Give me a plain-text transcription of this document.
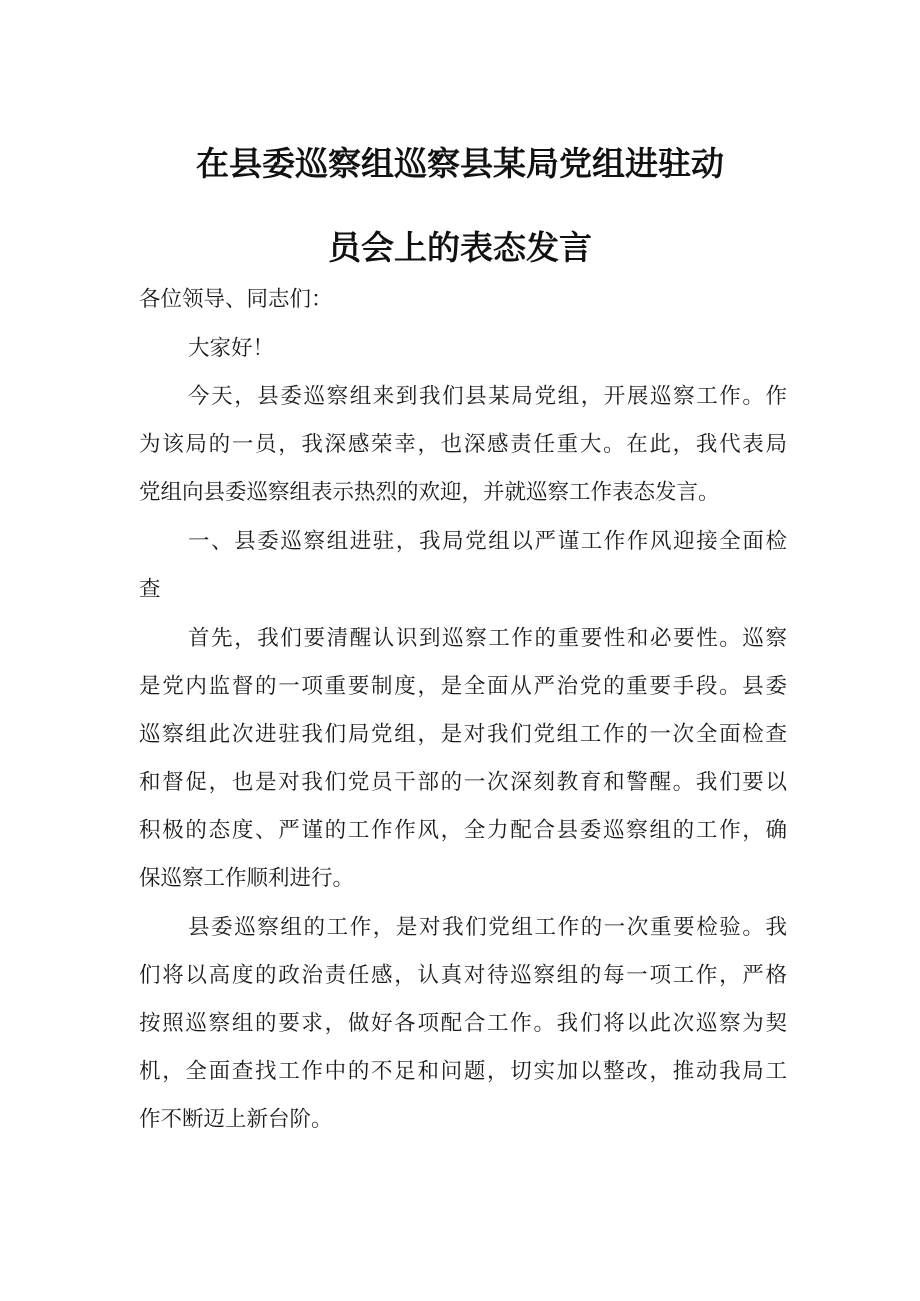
在县委巡察组巡察县某局党组进驻动
员会上的表态发言
各位领导、同志们：
大家好！
今天，县委巡察组来到我们县某局党组，开展巡察工作。作
为该局的一员，我深感荣幸，也深感责任重大。在此，我代表局
党组向县委巡察组表示热烈的欢迎，并就巡察工作表态发言。
一、县委巡察组进驻，我局党组以严谨工作作风迎接全面检
查
首先，我们要清醒认识到巡察工作的重要性和必要性。巡察
是党内监督的一项重要制度，是全面从严治党的重要手段。县委
巡察组此次进驻我们局党组，是对我们党组工作的一次全面检查
和督促，也是对我们党员干部的一次深刻教育和警醒。我们要以
积极的态度、严谨的工作作风，全力配合县委巡察组的工作，确
保巡察工作顺利进行。
县委巡察组的工作，是对我们党组工作的一次重要检验。我
们将以高度的政治责任感，认真对待巡察组的每一项工作，严格
按照巡察组的要求，做好各项配合工作。我们将以此次巡察为契
机，全面查找工作中的不足和问题，切实加以整改，推动我局工
作不断迈上新台阶。
